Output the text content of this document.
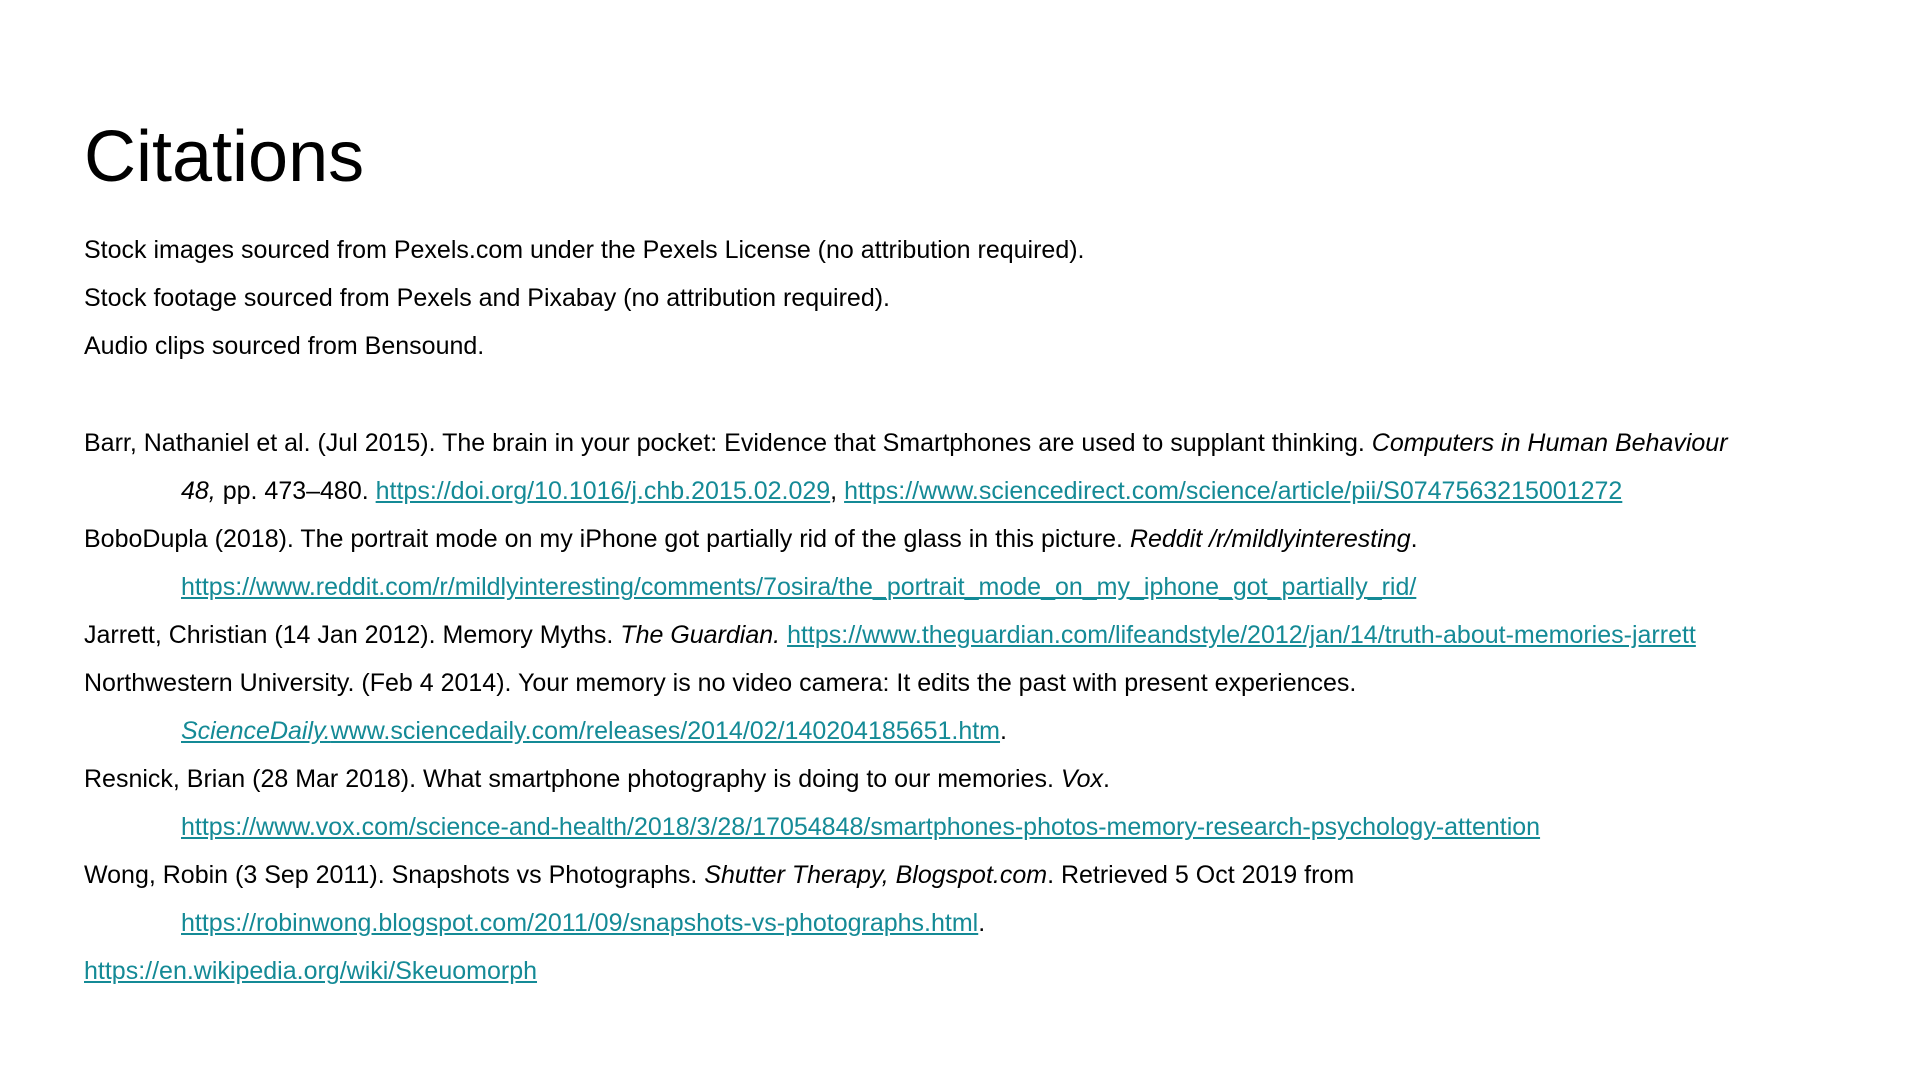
Citations
Stock images sourced from Pexels.com under the Pexels License (no attribution required).
Stock footage sourced from Pexels and Pixabay (no attribution required).
Audio clips sourced from Bensound.
Barr, Nathaniel et al. (Jul 2015). The brain in your pocket: Evidence that Smartphones are used to supplant thinking. Computers in Human Behaviour
48, pp. 473–480. https://doi.org/10.1016/j.chb.2015.02.029, https://www.sciencedirect.com/science/article/pii/S0747563215001272
BoboDupla (2018). The portrait mode on my iPhone got partially rid of the glass in this picture. Reddit /r/mildlyinteresting.
https://www.reddit.com/r/mildlyinteresting/comments/7osira/the_portrait_mode_on_my_iphone_got_partially_rid/
Jarrett, Christian (14 Jan 2012). Memory Myths. The Guardian. https://www.theguardian.com/lifeandstyle/2012/jan/14/truth-about-memories-jarrett
Northwestern University. (Feb 4 2014). Your memory is no video camera: It edits the past with present experiences.
ScienceDaily.www.sciencedaily.com/releases/2014/02/140204185651.htm.
Resnick, Brian (28 Mar 2018). What smartphone photography is doing to our memories. Vox.
https://www.vox.com/science-and-health/2018/3/28/17054848/smartphones-photos-memory-research-psychology-attention
Wong, Robin (3 Sep 2011). Snapshots vs Photographs. Shutter Therapy, Blogspot.com. Retrieved 5 Oct 2019 from
https://robinwong.blogspot.com/2011/09/snapshots-vs-photographs.html.
https://en.wikipedia.org/wiki/Skeuomorph
